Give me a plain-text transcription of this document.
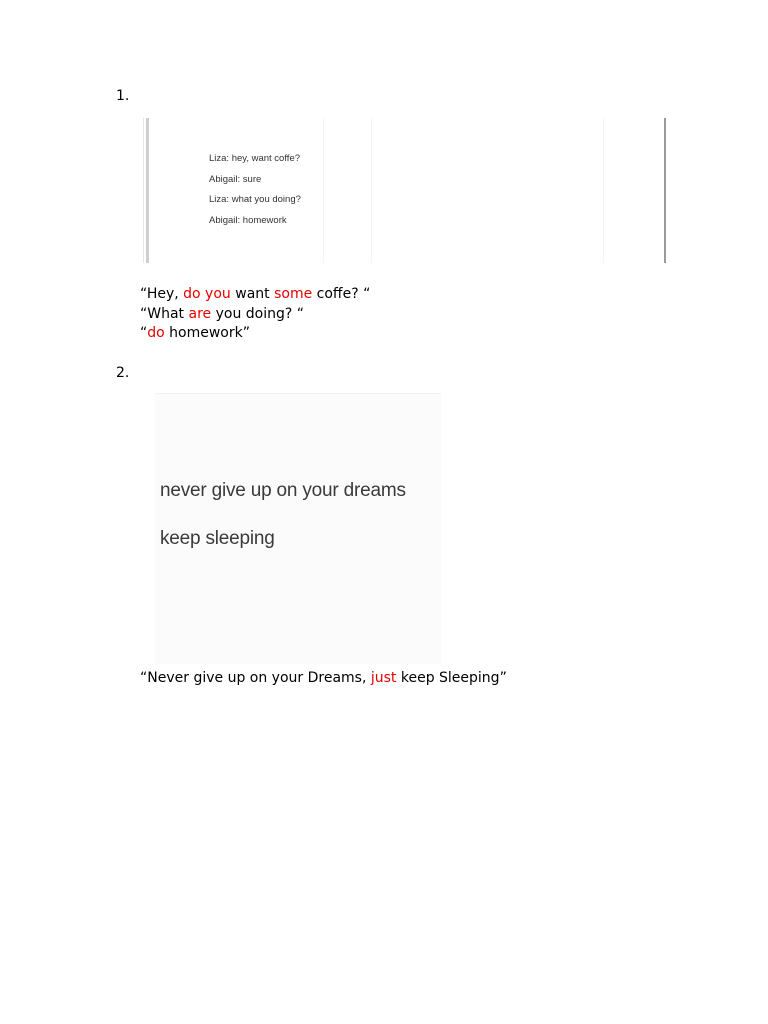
1.
Liza: hey, want coffe?
Abigail: sure
Liza: what you doing?
Abigail: homework
“Hey, do you want some coffe? “
“What are you doing? “
“do homework”
2.
never give up on your dreams
keep sleeping
“Never give up on your Dreams, just keep Sleeping”
